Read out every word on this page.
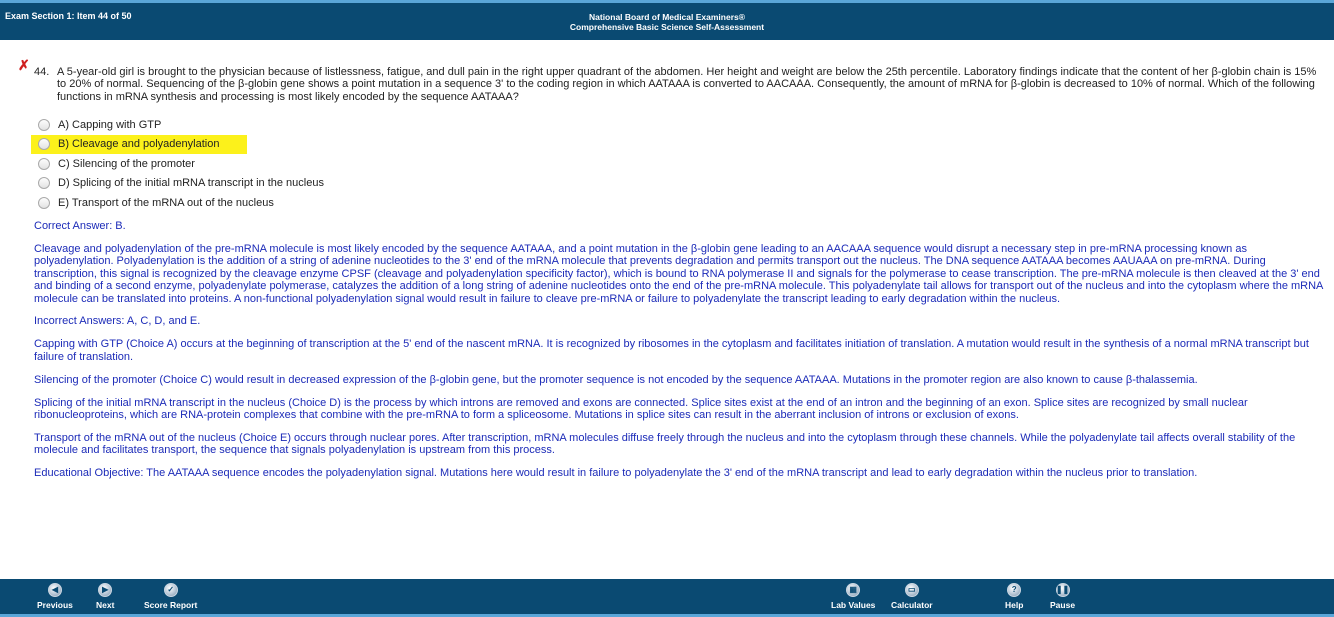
Exam Section 1: Item 44 of 50	National Board of Medical Examiners®
Comprehensive Basic Science Self-Assessment
✗ 44. A 5-year-old girl is brought to the physician because of listlessness, fatigue, and dull pain in the right upper quadrant of the abdomen. Her height and weight are below the 25th percentile. Laboratory findings indicate that the content of her β-globin chain is 15% to 20% of normal. Sequencing of the β-globin gene shows a point mutation in a sequence 3' to the coding region in which AATAAA is converted to AACAAA. Consequently, the amount of mRNA for β-globin is decreased to 10% of normal. Which of the following functions in mRNA synthesis and processing is most likely encoded by the sequence AATAAA?
A) Capping with GTP
B) Cleavage and polyadenylation
C) Silencing of the promoter
D) Splicing of the initial mRNA transcript in the nucleus
E) Transport of the mRNA out of the nucleus

Correct Answer: B.

Cleavage and polyadenylation of the pre-mRNA molecule is most likely encoded by the sequence AATAAA, and a point mutation in the β-globin gene leading to an AACAAA sequence would disrupt a necessary step in pre-mRNA processing known as polyadenylation. Polyadenylation is the addition of a string of adenine nucleotides to the 3' end of the mRNA molecule that prevents degradation and permits transport out the nucleus. The DNA sequence AATAAA becomes AAUAAA on pre-mRNA. During transcription, this signal is recognized by the cleavage enzyme CPSF (cleavage and polyadenylation specificity factor), which is bound to RNA polymerase II and signals for the polymerase to cease transcription. The pre-mRNA molecule is then cleaved at the 3' end and binding of a second enzyme, polyadenylate polymerase, catalyzes the addition of a long string of adenine nucleotides onto the end of the pre-mRNA molecule. This polyadenylate tail allows for transport out of the nucleus and into the cytoplasm where the mRNA molecule can be translated into proteins. A non-functional polyadenylation signal would result in failure to cleave pre-mRNA or failure to polyadenylate the transcript leading to early degradation within the nucleus.

Incorrect Answers: A, C, D, and E.

Capping with GTP (Choice A) occurs at the beginning of transcription at the 5' end of the nascent mRNA. It is recognized by ribosomes in the cytoplasm and facilitates initiation of translation. A mutation would result in the synthesis of a normal mRNA transcript but failure of translation.

Silencing of the promoter (Choice C) would result in decreased expression of the β-globin gene, but the promoter sequence is not encoded by the sequence AATAAA. Mutations in the promoter region are also known to cause β-thalassemia.

Splicing of the initial mRNA transcript in the nucleus (Choice D) is the process by which introns are removed and exons are connected. Splice sites exist at the end of an intron and the beginning of an exon. Splice sites are recognized by small nuclear ribonucleoproteins, which are RNA-protein complexes that combine with the pre-mRNA to form a spliceosome. Mutations in splice sites can result in the aberrant inclusion of introns or exclusion of exons.

Transport of the mRNA out of the nucleus (Choice E) occurs through nuclear pores. After transcription, mRNA molecules diffuse freely through the nucleus and into the cytoplasm through these channels. While the polyadenylate tail affects overall stability of the molecule and facilitates transport, the sequence that signals polyadenylation is upstream from this process.

Educational Objective: The AATAAA sequence encodes the polyadenylation signal. Mutations here would result in failure to polyadenylate the 3' end of the mRNA transcript and lead to early degradation within the nucleus prior to translation.

◀
Previous
▶
Next
✓
Score Report
▦
Lab Values
▭
Calculator
?
Help
❚❚
Pause
